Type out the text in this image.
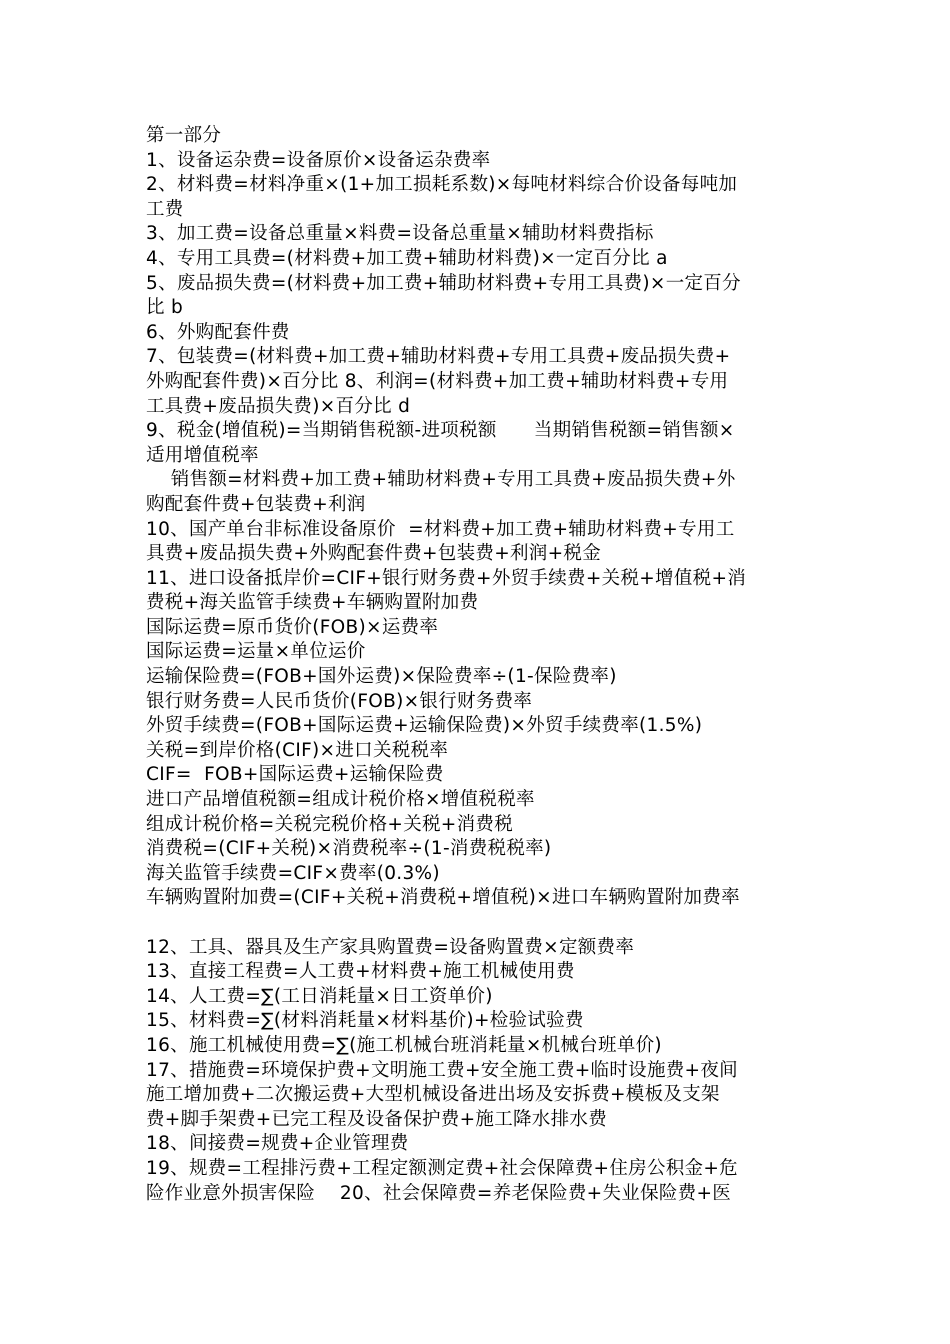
第一部分
1、设备运杂费=设备原价×设备运杂费率
2、材料费=材料净重×(1+加工损耗系数)×每吨材料综合价设备每吨加
工费
3、加工费=设备总重量×料费=设备总重量×辅助材料费指标
4、专用工具费=(材料费+加工费+辅助材料费)×一定百分比 a
5、废品损失费=(材料费+加工费+辅助材料费+专用工具费)×一定百分
比 b
6、外购配套件费
7、包装费=(材料费+加工费+辅助材料费+专用工具费+废品损失费+
外购配套件费)×百分比 8、利润=(材料费+加工费+辅助材料费+专用
工具费+废品损失费)×百分比 d
9、税金(增值税)=当期销售税额-进项税额      当期销售税额=销售额×
适用增值税率
销售额=材料费+加工费+辅助材料费+专用工具费+废品损失费+外
购配套件费+包装费+利润
10、国产单台非标准设备原价  =材料费+加工费+辅助材料费+专用工
具费+废品损失费+外购配套件费+包装费+利润+税金
11、进口设备抵岸价=CIF+银行财务费+外贸手续费+关税+增值税+消
费税+海关监管手续费+车辆购置附加费
国际运费=原币货价(FOB)×运费率
国际运费=运量×单位运价
运输保险费=(FOB+国外运费)×保险费率÷(1-保险费率)
银行财务费=人民币货价(FOB)×银行财务费率
外贸手续费=(FOB+国际运费+运输保险费)×外贸手续费率(1.5%)
关税=到岸价格(CIF)×进口关税税率
CIF=  FOB+国际运费+运输保险费
进口产品增值税额=组成计税价格×增值税税率
组成计税价格=关税完税价格+关税+消费税
消费税=(CIF+关税)×消费税率÷(1-消费税税率)
海关监管手续费=CIF×费率(0.3%)
车辆购置附加费=(CIF+关税+消费税+增值税)×进口车辆购置附加费率
12、工具、器具及生产家具购置费=设备购置费×定额费率
13、直接工程费=人工费+材料费+施工机械使用费
14、人工费=∑(工日消耗量×日工资单价)
15、材料费=∑(材料消耗量×材料基价)+检验试验费
16、施工机械使用费=∑(施工机械台班消耗量×机械台班单价)
17、措施费=环境保护费+文明施工费+安全施工费+临时设施费+夜间
施工增加费+二次搬运费+大型机械设备进出场及安拆费+模板及支架
费+脚手架费+已完工程及设备保护费+施工降水排水费
18、间接费=规费+企业管理费
19、规费=工程排污费+工程定额测定费+社会保障费+住房公积金+危
险作业意外损害保险    20、社会保障费=养老保险费+失业保险费+医
